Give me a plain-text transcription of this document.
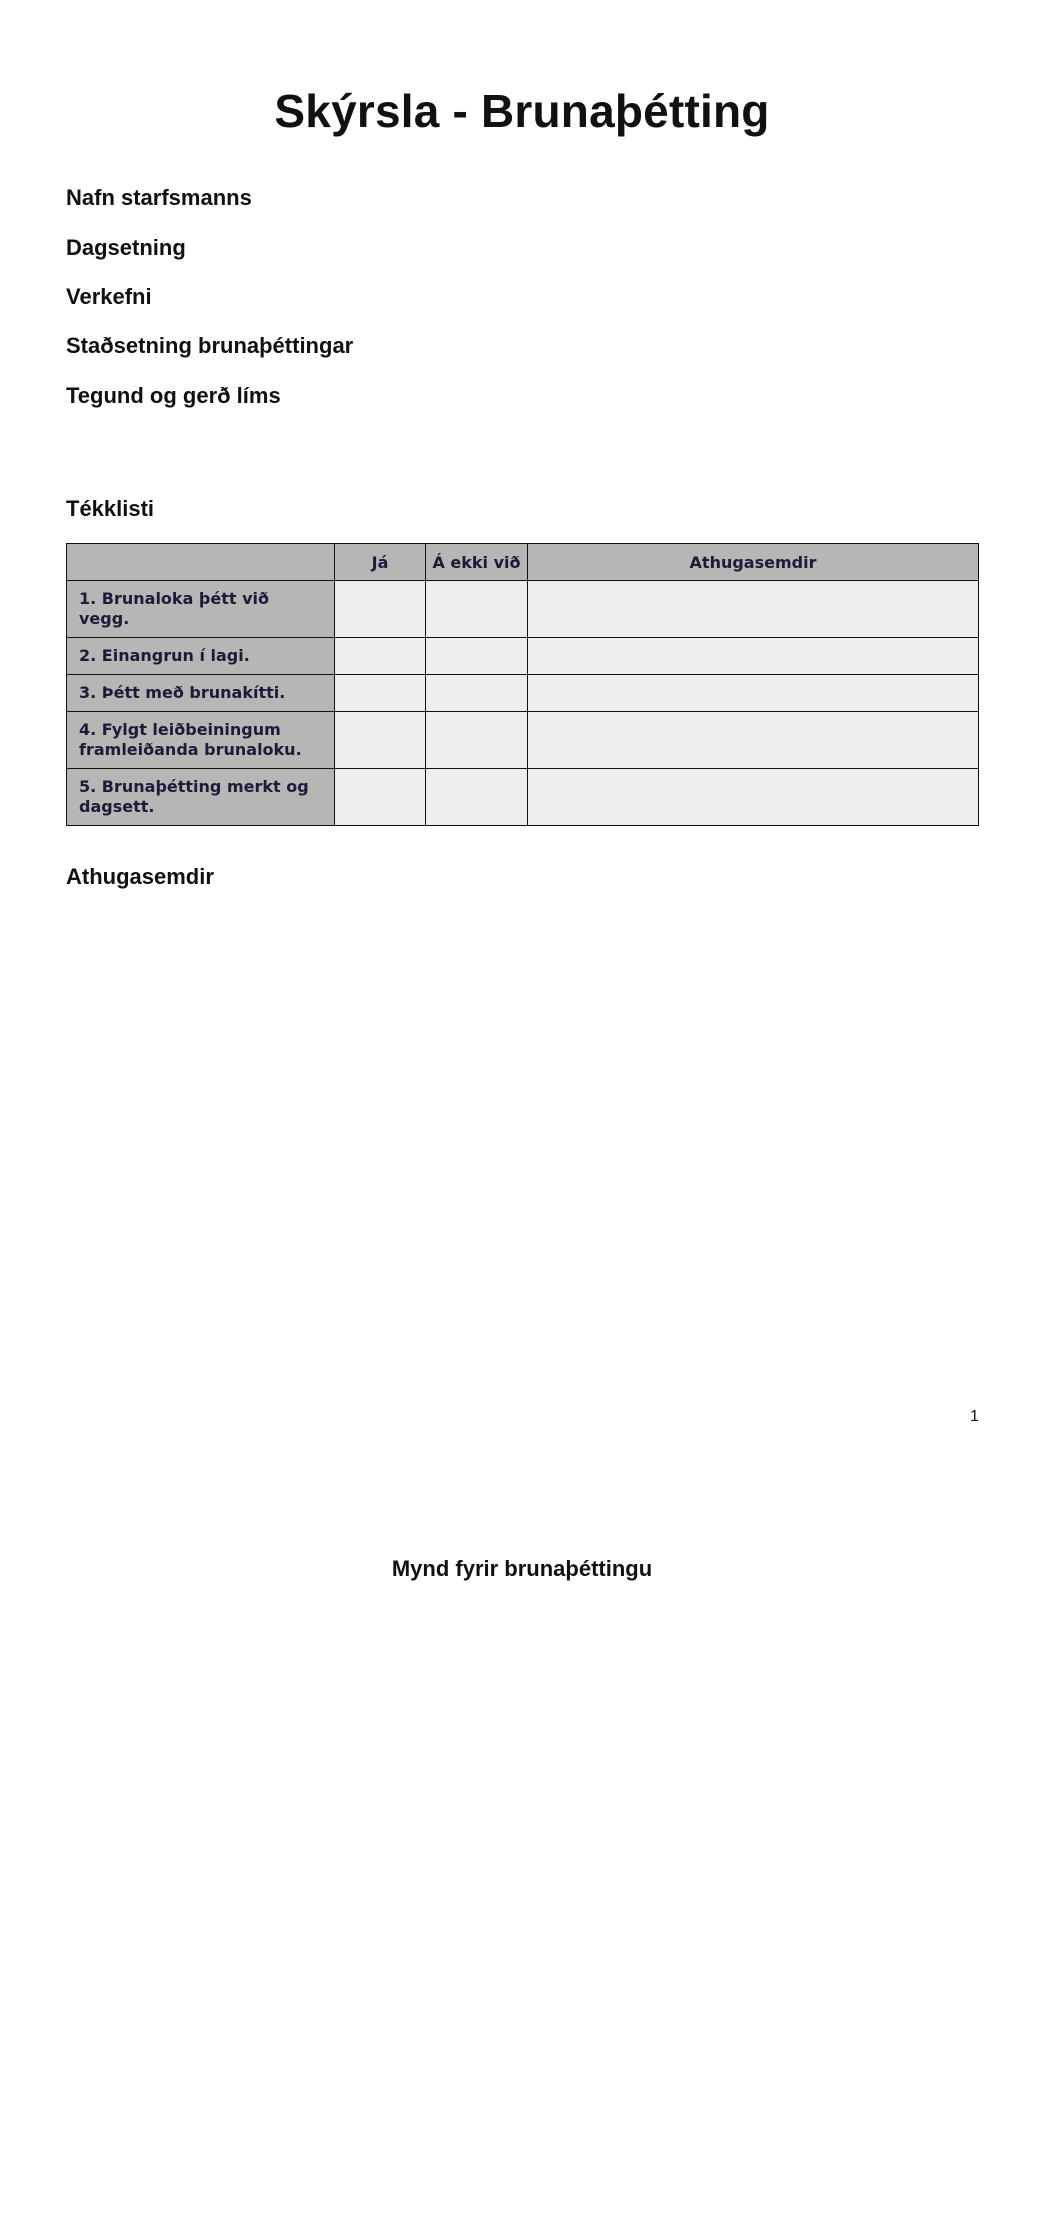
Skýrsla - Brunaþétting

Nafn starfsmanns

Dagsetning

Verkefni

Staðsetning brunaþéttingar

Tegund og gerð líms

Tékklisti
	Já	Á ekki við	Athugasemdir
1. Brunaloka þétt við vegg.			
2. Einangrun í lagi.			
3. Þétt með brunakítti.			
4. Fylgt leiðbeiningum framleiðanda brunaloku.			
5. Brunaþétting merkt og dagsett.			
Athugasemdir

1

Mynd fyrir brunaþéttingu
